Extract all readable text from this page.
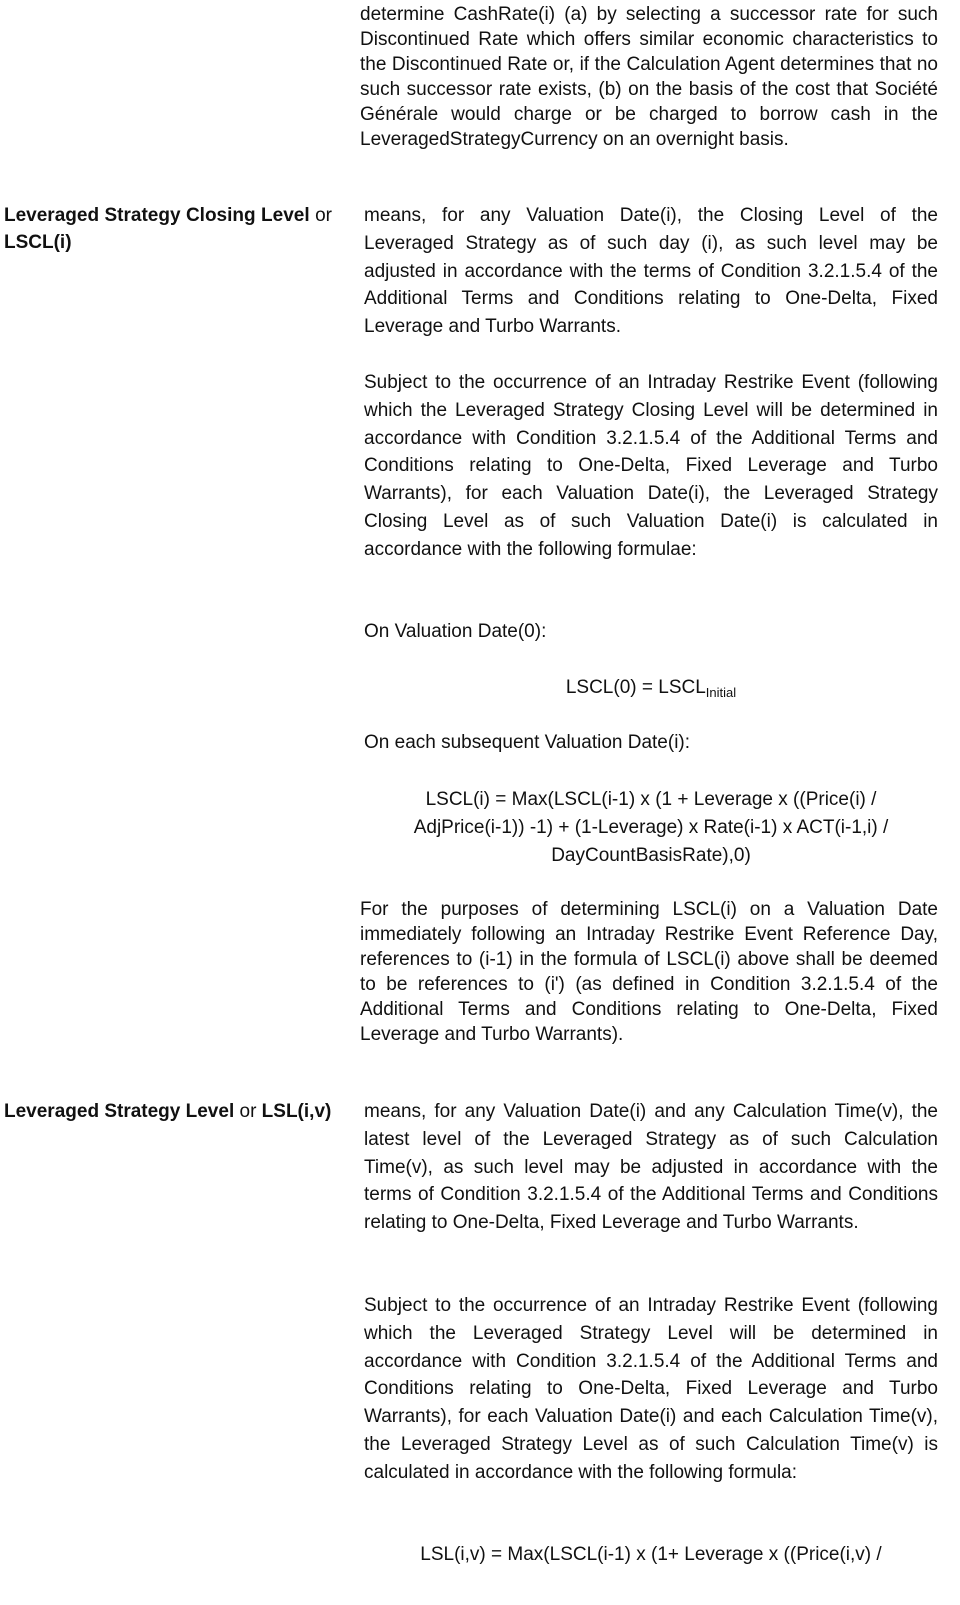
determine CashRate(i) (a) by selecting a successor rate for such Discontinued Rate which offers similar economic characteristics to the Discontinued Rate or, if the Calculation Agent determines that no such successor rate exists, (b) on the basis of the cost that Société Générale would charge or be charged to borrow cash in the LeveragedStrategyCurrency on an overnight basis.
Leveraged Strategy Closing Level or LSCL(i)
means, for any Valuation Date(i), the Closing Level of the Leveraged Strategy as of such day (i), as such level may be adjusted in accordance with the terms of Condition 3.2.1.5.4 of the Additional Terms and Conditions relating to One-Delta, Fixed Leverage and Turbo Warrants.
Subject to the occurrence of an Intraday Restrike Event (following which the Leveraged Strategy Closing Level will be determined in accordance with Condition 3.2.1.5.4 of the Additional Terms and Conditions relating to One-Delta, Fixed Leverage and Turbo Warrants), for each Valuation Date(i), the Leveraged Strategy Closing Level as of such Valuation Date(i) is calculated in accordance with the following formulae:
On Valuation Date(0):
LSCL(0) = $LSCL_{Initial}$
On each subsequent Valuation Date(i):

LSCL(i) = Max(LSCL(i-1) x (1 + Leverage x ((Price(i) /

AdjPrice(i-1)) -1) + (1-Leverage) x Rate(i-1) x ACT(i-1,i) /

DayCountBasisRate),0)

For the purposes of determining LSCL(i) on a Valuation Date immediately following an Intraday Restrike Event Reference Day, references to (i-1) in the formula of LSCL(i) above shall be deemed to be references to (i') (as defined in Condition 3.2.1.5.4 of the Additional Terms and Conditions relating to One-Delta, Fixed Leverage and Turbo Warrants).
Leveraged Strategy Level or LSL(i,v) means, for any Valuation Date(i) and any Calculation Time(v), the latest level of the Leveraged Strategy as of such Calculation Time(v), as such level may be adjusted in accordance with the terms of Condition 3.2.1.5.4 of the Additional Terms and Conditions relating to One-Delta, Fixed Leverage and Turbo Warrants.
Subject to the occurrence of an Intraday Restrike Event (following which the Leveraged Strategy Level will be determined in accordance with Condition 3.2.1.5.4 of the Additional Terms and Conditions relating to One-Delta, Fixed Leverage and Turbo Warrants), for each Valuation Date(i) and each Calculation Time(v), the Leveraged Strategy Level as of such Calculation Time(v) is calculated in accordance with the following formula:
LSL(i,v) = Max(LSCL(i-1) x (1+ Leverage x ((Price(i,v) /
